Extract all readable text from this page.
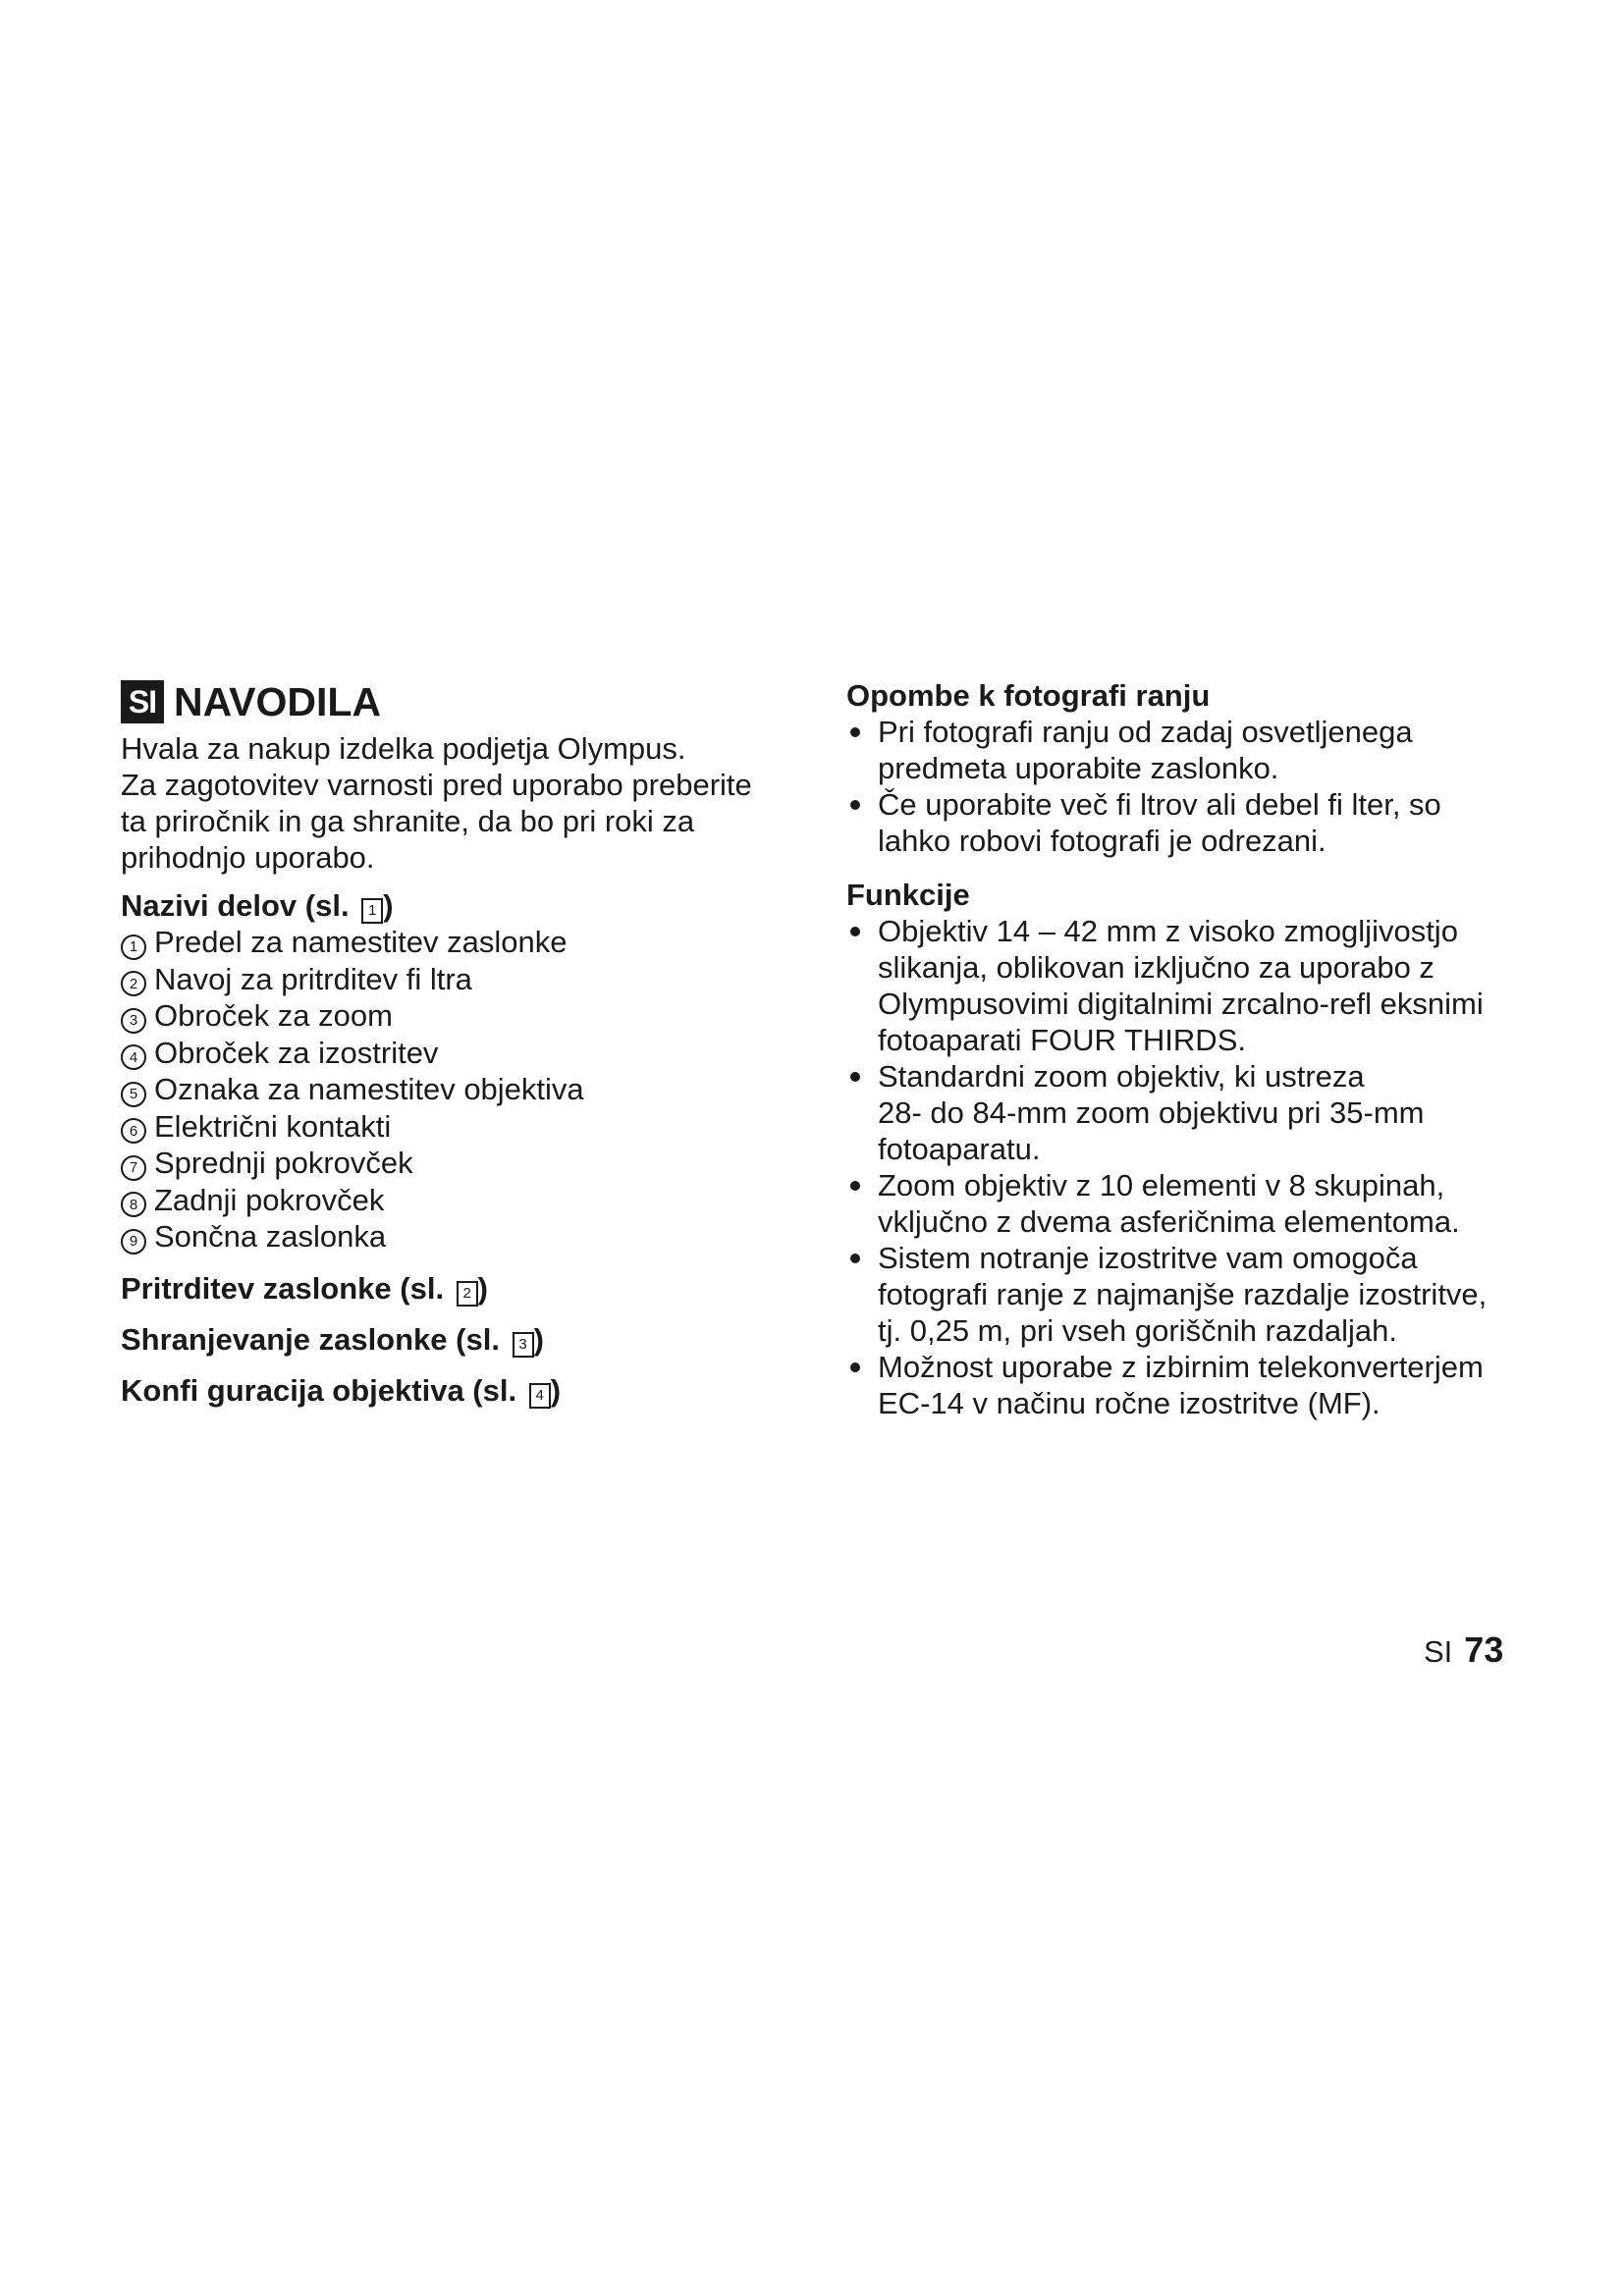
SI NAVODILA

Hvala za nakup izdelka podjetja Olympus.

Za zagotovitev varnosti pred uporabo preberite

ta priročnik in ga shranite, da bo pri roki za

prihodnjo uporabo.

Nazivi delov (sl. 1 )
1 Predel za namestitev zaslonke
2 Navoj za pritrditev fi ltra
3 Obroček za zoom
4 Obroček za izostritev
5 Oznaka za namestitev objektiva
6 Električni kontakti
7 Sprednji pokrovček
8 Zadnji pokrovček
9 Sončna zaslonka
Pritrditev zaslonke (sl. 2 )
Shranjevanje zaslonke (sl. 3 )
Konfi guracija objektiva (sl. 4 )
Opombe k fotografi ranju
Pri fotografi ranju od zadaj osvetljenega
predmeta uporabite zaslonko.
Če uporabite več fi ltrov ali debel fi lter, so
lahko robovi fotografi je odrezani.
Funkcije
Objektiv 14 – 42 mm z visoko zmogljivostjo
slikanja, oblikovan izključno za uporabo z
Olympusovimi digitalnimi zrcalno-refl eksnimi
fotoaparati FOUR THIRDS.
Standardni zoom objektiv, ki ustreza
28- do 84-mm zoom objektivu pri 35-mm
fotoaparatu.
Zoom objektiv z 10 elementi v 8 skupinah,
vključno z dvema asferičnima elementoma.
Sistem notranje izostritve vam omogoča
fotografi ranje z najmanjše razdalje izostritve,
tj. 0,25 m, pri vseh goriščnih razdaljah.
Možnost uporabe z izbirnim telekonverterjem
EC-14 v načinu ročne izostritve (MF).
SI 73
